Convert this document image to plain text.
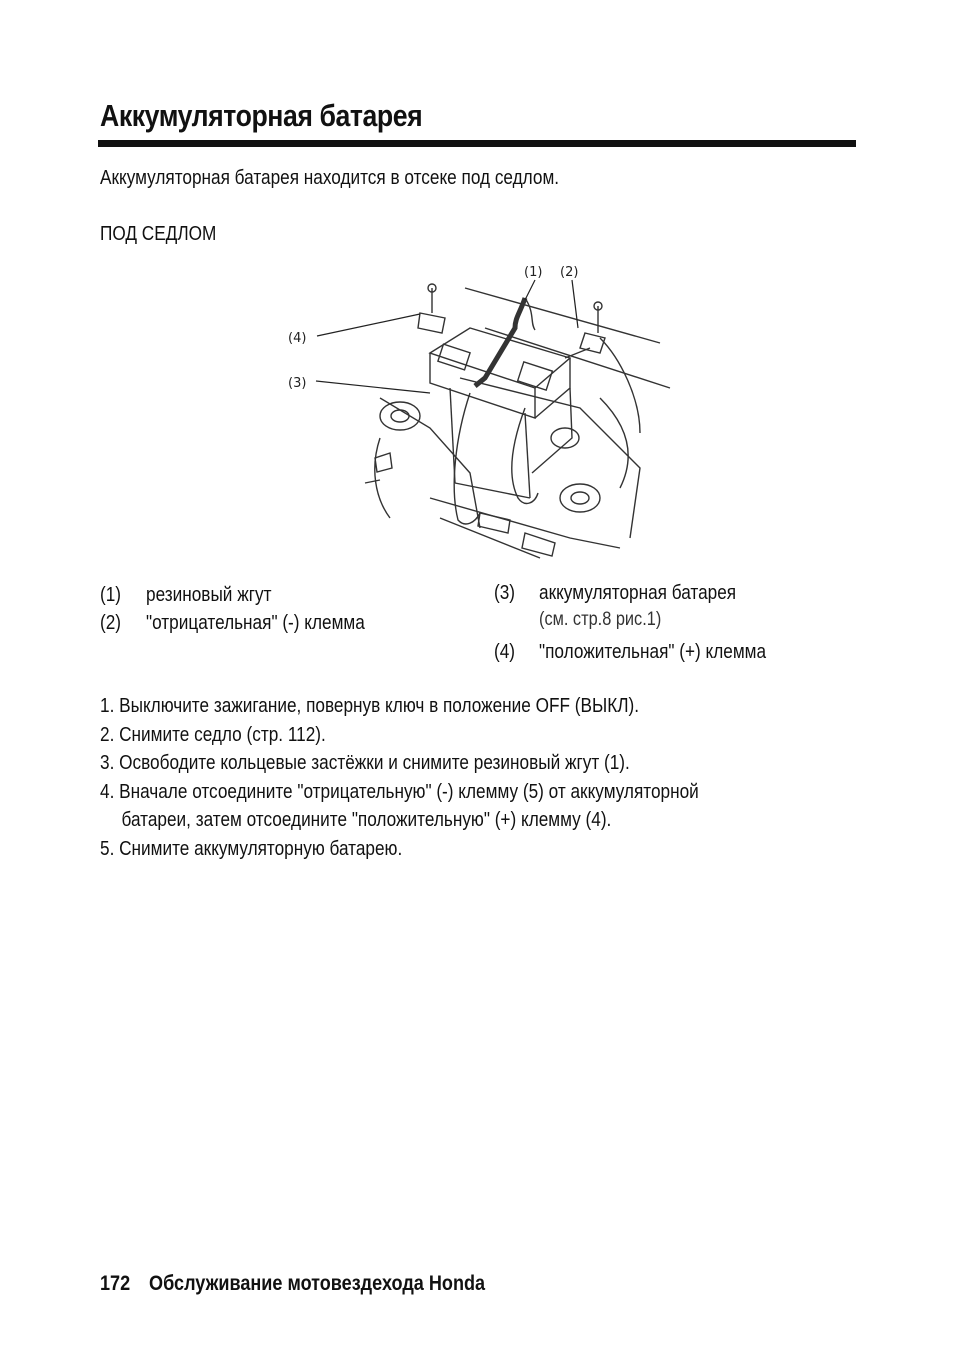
Аккумуляторная батарея
Аккумуляторная батарея находится в отсеке под седлом.
ПОД СЕДЛОМ
(4)
(3)
(1) (2)
(1) резиновый жгут
(2) "отрицательная" (-) клемма
(3) аккумуляторная батарея
(см. стр.8 рис.1)
(4) "положительная" (+) клемма
1. Выключите зажигание, повернув ключ в положение OFF (ВЫКЛ).
2. Снимите седло (стр. 112).
3. Освободите кольцевые застёжки и снимите резиновый жгут (1).
4. Вначале отсоедините "отрицательную" (-) клемму (5) от аккумуляторной
батареи, затем отсоедините "положительную" (+) клемму (4).
5. Снимите аккумуляторную батарею.
172 Обслуживание мотовездехода Honda
